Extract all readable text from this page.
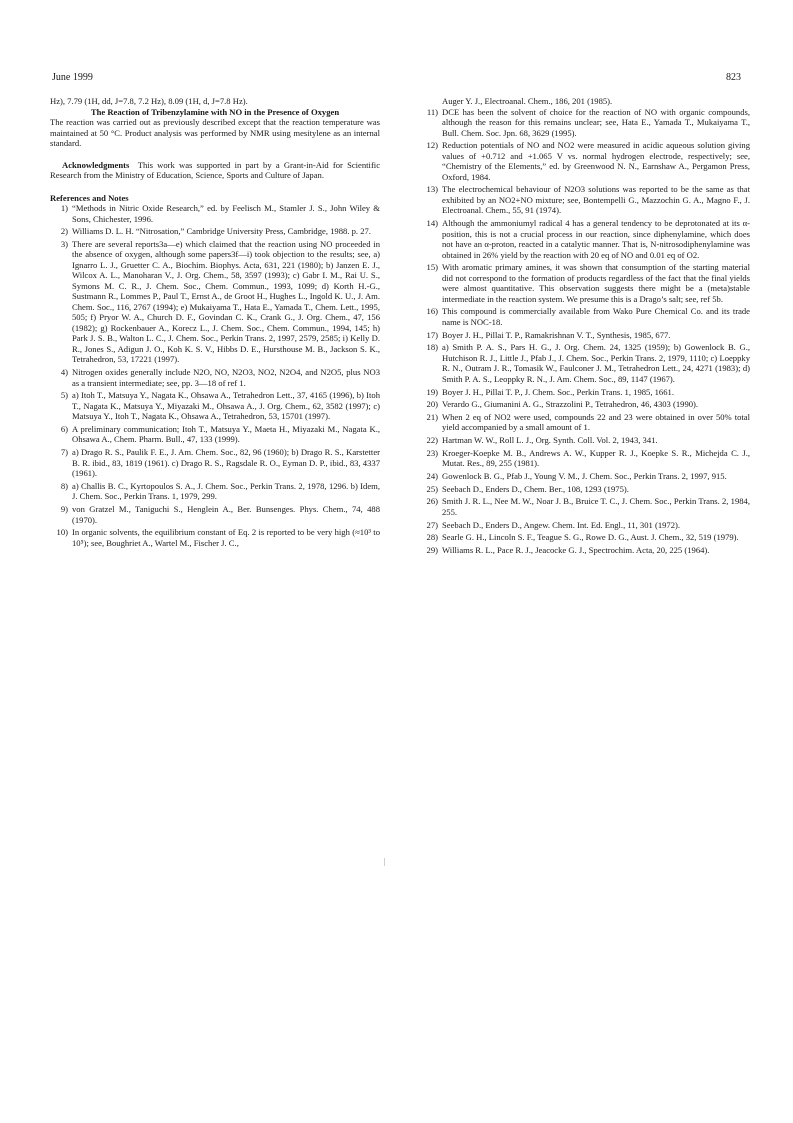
June 1999	823

Hz), 7.79 (1H, dd, J=7.8, 7.2 Hz), 8.09 (1H, d, J=7.8 Hz).

The Reaction of Tribenzylamine with NO in the Presence of Oxygen

The reaction was carried out as previously described except that the reaction temperature was maintained at 50 °C. Product analysis was performed by NMR using mesitylene as an internal standard.

Acknowledgments This work was supported in part by a Grant-in-Aid for Scientific Research from the Ministry of Education, Science, Sports and Culture of Japan.

References and Notes

1) “Methods in Nitric Oxide Research,” ed. by Feelisch M., Stamler J. S., John Wiley & Sons, Chichester, 1996.
2) Williams D. L. H. “Nitrosation,” Cambridge University Press, Cambridge, 1988. p. 27.
3) There are several reports3a—e) which claimed that the reaction using NO proceeded in the absence of oxygen, although some papers3f—i) took objection to the results; see, a) Ignarro L. J., Gruetter C. A., Biochim. Biophys. Acta, 631, 221 (1980); b) Janzen E. J., Wilcox A. L., Manoharan V., J. Org. Chem., 58, 3597 (1993); c) Gabr I. M., Rai U. S., Symons M. C. R., J. Chem. Soc., Chem. Commun., 1993, 1099; d) Korth H.-G., Sustmann R., Lommes P., Paul T., Ernst A., de Groot H., Hughes L., Ingold K. U., J. Am. Chem. Soc., 116, 2767 (1994); e) Mukaiyama T., Hata E., Yamada T., Chem. Lett., 1995, 505; f) Pryor W. A., Church D. F., Govindan C. K., Crank G., J. Org. Chem., 47, 156 (1982); g) Rockenbauer A., Korecz L., J. Chem. Soc., Chem. Commun., 1994, 145; h) Park J. S. B., Walton L. C., J. Chem. Soc., Perkin Trans. 2, 1997, 2579, 2585; i) Kelly D. R., Jones S., Adigun J. O., Koh K. S. V., Hibbs D. E., Hursthouse M. B., Jackson S. K., Tetrahedron, 53, 17221 (1997).
4) Nitrogen oxides generally include N2O, NO, N2O3, NO2, N2O4, and N2O5, plus NO3 as a transient intermediate; see, pp. 3—18 of ref 1.
5) a) Itoh T., Matsuya Y., Nagata K., Ohsawa A., Tetrahedron Lett., 37, 4165 (1996), b) Itoh T., Nagata K., Matsuya Y., Miyazaki M., Ohsawa A., J. Org. Chem., 62, 3582 (1997); c) Matsuya Y., Itoh T., Nagata K., Ohsawa A., Tetrahedron, 53, 15701 (1997).
6) A preliminary communication; Itoh T., Matsuya Y., Maeta H., Miyazaki M., Nagata K., Ohsawa A., Chem. Pharm. Bull., 47, 133 (1999).
7) a) Drago R. S., Paulik F. E., J. Am. Chem. Soc., 82, 96 (1960); b) Drago R. S., Karstetter B. R. ibid., 83, 1819 (1961). c) Drago R. S., Ragsdale R. O., Eyman D. P., ibid., 83, 4337 (1961).
8) a) Challis B. C., Kyrtopoulos S. A., J. Chem. Soc., Perkin Trans. 2, 1978, 1296. b) Idem, J. Chem. Soc., Perkin Trans. 1, 1979, 299.
9) von Gratzel M., Taniguchi S., Henglein A., Ber. Bunsenges. Phys. Chem., 74, 488 (1970).
10) In organic solvents, the equilibrium constant of Eq. 2 is reported to be very high (≈10³ to 10⁵); see, Boughriet A., Wartel M., Fischer J. C.,

Auger Y. J., Electroanal. Chem., 186, 201 (1985).

11) DCE has been the solvent of choice for the reaction of NO with organic compounds, although the reason for this remains unclear; see, Hata E., Yamada T., Mukaiyama T., Bull. Chem. Soc. Jpn. 68, 3629 (1995).
12) Reduction potentials of NO and NO2 were measured in acidic aqueous solution giving values of +0.712 and +1.065 V vs. normal hydrogen electrode, respectively; see, “Chemistry of the Elements,” ed. by Greenwood N. N., Earnshaw A., Pergamon Press, Oxford, 1984.
13) The electrochemical behaviour of N2O3 solutions was reported to be the same as that exhibited by an NO2+NO mixture; see, Bontempelli G., Mazzochin G. A., Magno F., J. Electroanal. Chem., 55, 91 (1974).
14) Although the ammoniumyl radical 4 has a general tendency to be deprotonated at its α-position, this is not a crucial process in our reaction, since diphenylamine, which does not have an α-proton, reacted in a catalytic manner. That is, N-nitrosodiphenylamine was obtained in 26% yield by the reaction with 20 eq of NO and 0.01 eq of O2.
15) With aromatic primary amines, it was shown that consumption of the starting material did not correspond to the formation of products regardless of the fact that the final yields were almost quantitative. This observation suggests there might be a (meta)stable intermediate in the reaction system. We presume this is a Drago’s salt; see, ref 5b.
16) This compound is commercially available from Wako Pure Chemical Co. and its trade name is NOC-18.
17) Boyer J. H., Pillai T. P., Ramakrishnan V. T., Synthesis, 1985, 677.
18) a) Smith P. A. S., Pars H. G., J. Org. Chem. 24, 1325 (1959); b) Gowenlock B. G., Hutchison R. J., Little J., Pfab J., J. Chem. Soc., Perkin Trans. 2, 1979, 1110; c) Loeppky R. N., Outram J. R., Tomasik W., Faulconer J. M., Tetrahedron Lett., 24, 4271 (1983); d) Smith P. A. S., Leoppky R. N., J. Am. Chem. Soc., 89, 1147 (1967).
19) Boyer J. H., Pillai T. P., J. Chem. Soc., Perkin Trans. 1, 1985, 1661.
20) Verardo G., Giumanini A. G., Strazzolini P., Tetrahedron, 46, 4303 (1990).
21) When 2 eq of NO2 were used, compounds 22 and 23 were obtained in over 50% total yield accompanied by a small amount of 1.
22) Hartman W. W., Roll L. J., Org. Synth. Coll. Vol. 2, 1943, 341.
23) Kroeger-Koepke M. B., Andrews A. W., Kupper R. J., Koepke S. R., Michejda C. J., Mutat. Res., 89, 255 (1981).
24) Gowenlock B. G., Pfab J., Young V. M., J. Chem. Soc., Perkin Trans. 2, 1997, 915.
25) Seebach D., Enders D., Chem. Ber., 108, 1293 (1975).
26) Smith J. R. L., Nee M. W., Noar J. B., Bruice T. C., J. Chem. Soc., Perkin Trans. 2, 1984, 255.
27) Seebach D., Enders D., Angew. Chem. Int. Ed. Engl., 11, 301 (1972).
28) Searle G. H., Lincoln S. F., Teague S. G., Rowe D. G., Aust. J. Chem., 32, 519 (1979).
29) Williams R. L., Pace R. J., Jeacocke G. J., Spectrochim. Acta, 20, 225 (1964).
